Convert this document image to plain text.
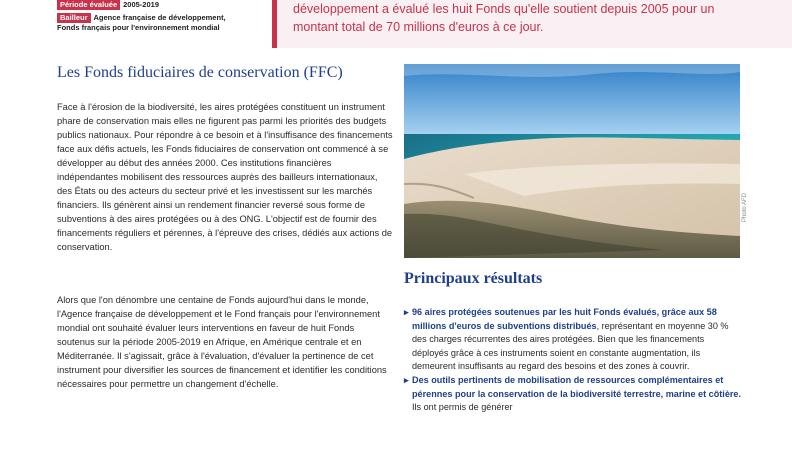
Période évaluée 2005-2019
Bailleur Agence française de développement,
Fonds français pour l'environnement mondial
développement a évalué les huit Fonds qu'elle soutient depuis 2005 pour un
montant total de 70 millions d'euros à ce jour.
Les Fonds fiduciaires de conservation (FFC)
Face à l'érosion de la biodiversité, les aires protégées constituent un instrument phare de conservation mais elles ne figurent pas parmi les priorités des budgets publics nationaux. Pour répondre à ce besoin et à l'insuffisance des financements face aux défis actuels, les Fonds fiduciaires de conservation ont commencé à se développer au début des années 2000. Ces institutions financières indépendantes mobilisent des ressources auprès des bailleurs internationaux, des États ou des acteurs du secteur privé et les investissent sur les marchés financiers. Ils génèrent ainsi un rendement financier reversé sous forme de subventions à des aires protégées ou à des ONG. L'objectif est de fournir des financements réguliers et pérennes, à l'épreuve des crises, dédiés aux actions de conservation.
Alors que l'on dénombre une centaine de Fonds aujourd'hui dans le monde, l'Agence française de développement et le Fond français pour l'environnement mondial ont souhaité évaluer leurs interventions en faveur de huit Fonds soutenus sur la période 2005-2019 en Afrique, en Amérique centrale et en Méditerranée. Il s'agissait, grâce à l'évaluation, d'évaluer la pertinence de cet instrument pour diversifier les sources de financement et identifier les conditions nécessaires pour permettre un changement d'échelle.
Photo AFD
Principaux résultats
▸ 96 aires protégées soutenues par les huit Fonds évalués, grâce aux 58 millions d'euros de subventions distribués, représentant en moyenne 30 % des charges récurrentes des aires protégées. Bien que les financements déployés grâce à ces instruments soient en constante augmentation, ils demeurent insuffisants au regard des besoins et des zones à couvrir.
▸ Des outils pertinents de mobilisation de ressources complémentaires et pérennes pour la conservation de la biodiversité terrestre, marine et côtière. Ils ont permis de générer
